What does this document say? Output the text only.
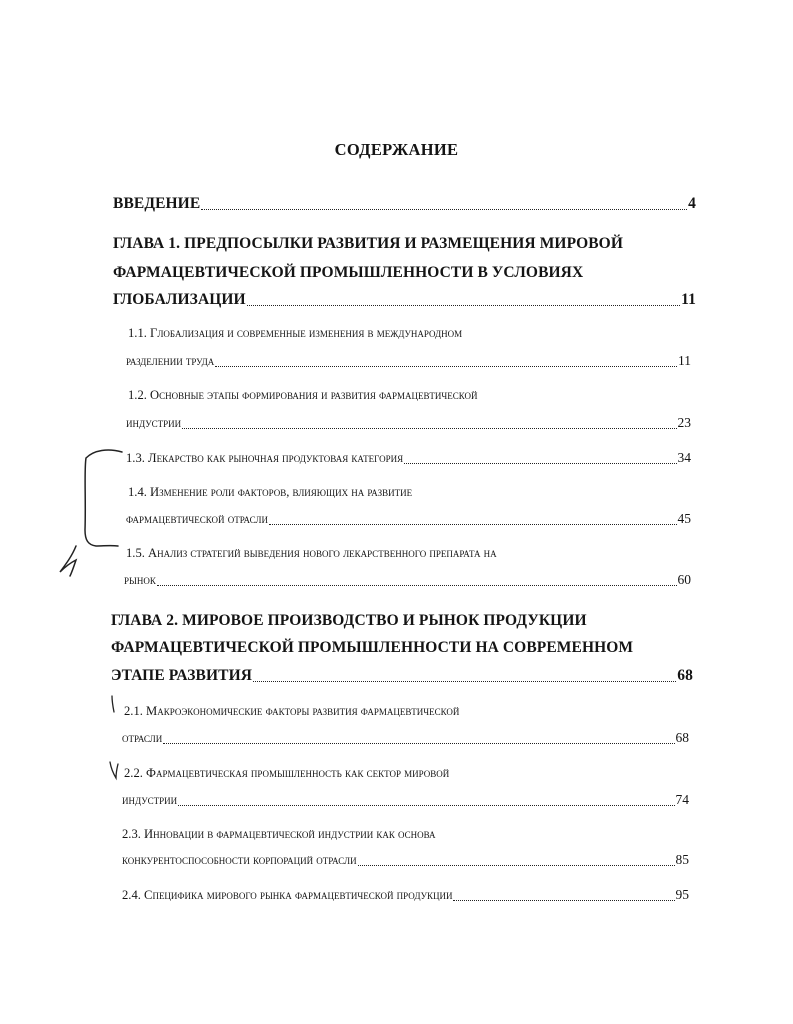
СОДЕРЖАНИЕ
ВВЕДЕНИЕ	4
ГЛАВА 1. ПРЕДПОСЫЛКИ РАЗВИТИЯ И РАЗМЕЩЕНИЯ МИРОВОЙ
ФАРМАЦЕВТИЧЕСКОЙ ПРОМЫШЛЕННОСТИ В УСЛОВИЯХ
ГЛОБАЛИЗАЦИИ	11
1.1. Глобализация и современные изменения в международном
разделении труда	11
1.2. Основные этапы формирования и развития фармацевтической
индустрии	23
1.3. Лекарство как рыночная продуктовая категория	34
1.4. Изменение роли факторов, влияющих на развитие
фармацевтической отрасли	45
1.5. Анализ стратегий выведения нового лекарственного препарата на
рынок	60
ГЛАВА 2. МИРОВОЕ ПРОИЗВОДСТВО И РЫНОК ПРОДУКЦИИ
ФАРМАЦЕВТИЧЕСКОЙ ПРОМЫШЛЕННОСТИ НА СОВРЕМЕННОМ
ЭТАПЕ РАЗВИТИЯ	68
2.1. Макроэкономические факторы развития фармацевтической
отрасли	68
2.2. Фармацевтическая промышленность как сектор мировой
индустрии	74
2.3. Инновации в фармацевтической индустрии как основа
конкурентоспособности корпораций отрасли	85
2.4. Специфика мирового рынка фармацевтической продукции	95
